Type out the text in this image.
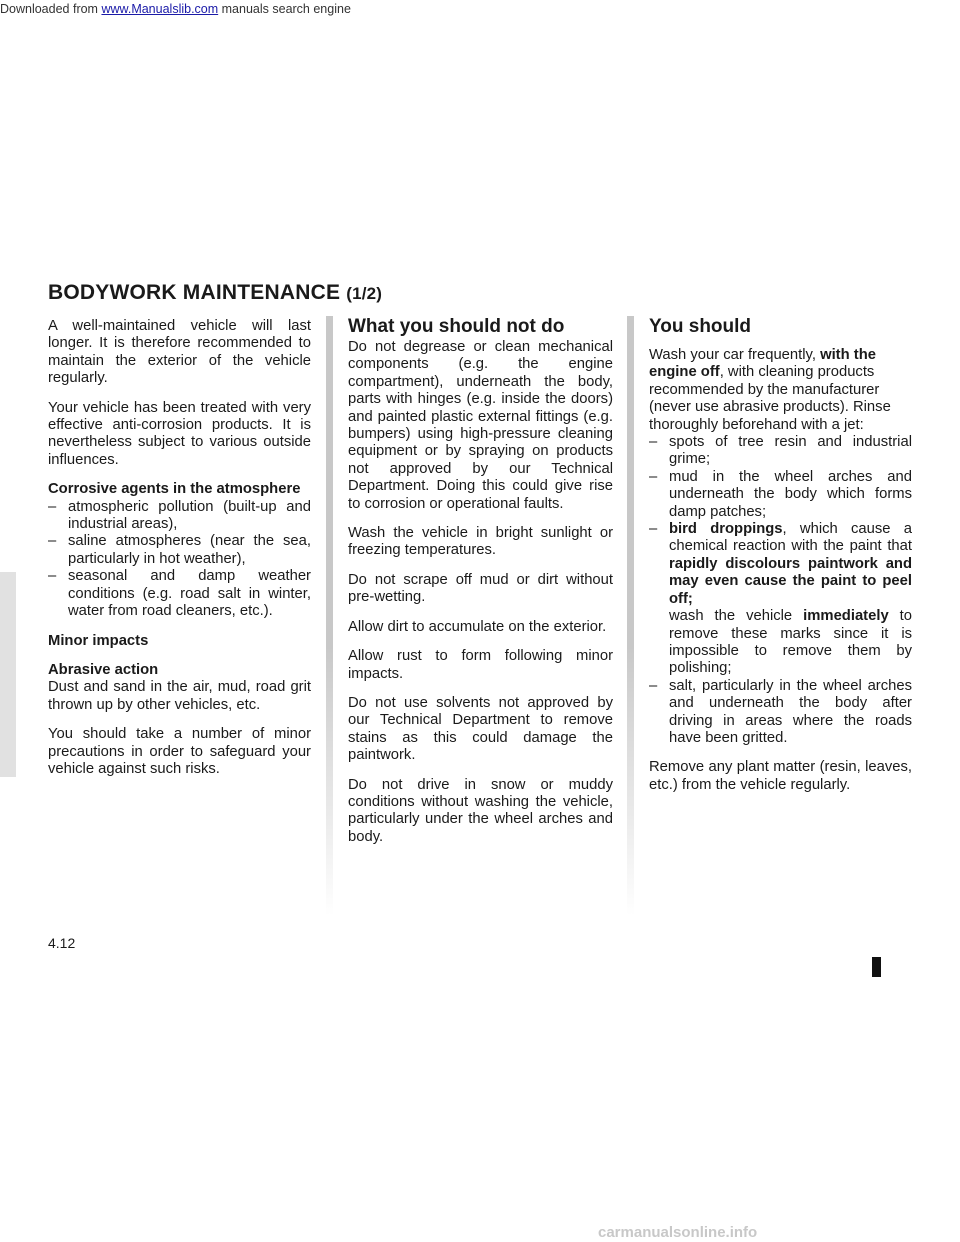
Downloaded from www.Manualslib.com manuals search engine
BODYWORK MAINTENANCE (1/2)

A well-maintained vehicle will last longer. It is therefore recommended to maintain the exterior of the vehicle regularly.

Your vehicle has been treated with very effective anti-corrosion products. It is nevertheless subject to various outside influences.

Corrosive agents in the atmosphere

– atmospheric pollution (built-up and industrial areas),
– saline atmospheres (near the sea, particularly in hot weather),
– seasonal and damp weather conditions (e.g. road salt in winter, water from road cleaners, etc.).

Minor impacts

Abrasive action

Dust and sand in the air, mud, road grit thrown up by other vehicles, etc.

You should take a number of minor precautions in order to safeguard your vehicle against such risks.

What you should not do

Do not degrease or clean mechanical components (e.g. the engine compartment), underneath the body, parts with hinges (e.g. inside the doors) and painted plastic external fittings (e.g. bumpers) using high-pressure cleaning equipment or by spraying on products not approved by our Technical Department. Doing this could give rise to corrosion or operational faults.

Wash the vehicle in bright sunlight or freezing temperatures.

Do not scrape off mud or dirt without pre-wetting.

Allow dirt to accumulate on the exterior.

Allow rust to form following minor impacts.

Do not use solvents not approved by our Technical Department to remove stains as this could damage the paintwork.

Do not drive in snow or muddy conditions without washing the vehicle, particularly under the wheel arches and body.

You should

Wash your car frequently, with the engine off, with cleaning products recommended by the manufacturer (never use abrasive products). Rinse thoroughly beforehand with a jet:

– spots of tree resin and industrial grime;
– mud in the wheel arches and underneath the body which forms damp patches;
– bird droppings, which cause a chemical reaction with the paint that rapidly discolours paintwork and may even cause the paint to peel off;
wash the vehicle immediately to remove these marks since it is impossible to remove them by polishing;
– salt, particularly in the wheel arches and underneath the body after driving in areas where the roads have been gritted.

Remove any plant matter (resin, leaves, etc.) from the vehicle regularly.

4.12
carmanualsonline.info
